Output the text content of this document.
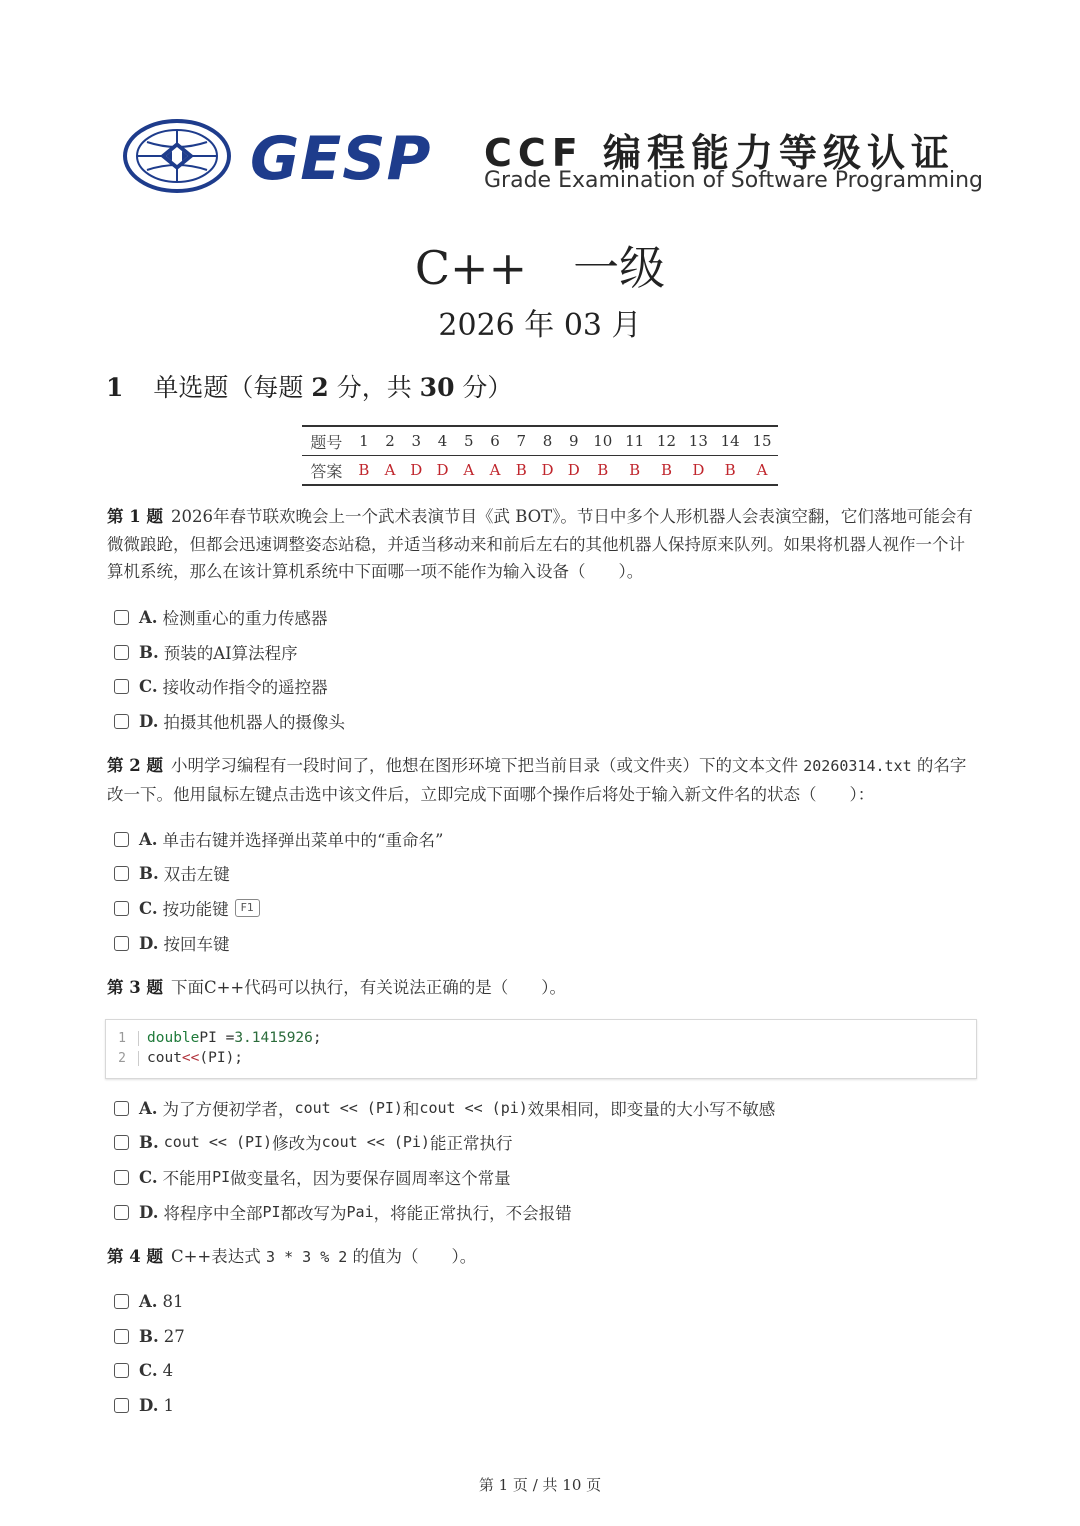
GESP CCF 编程能力等级认证
Grade Examination of Software Programming
C++　一级
2026 年 03 月
1 单选题（每题 2 分，共 30 分）
题号	1	2	3	4	5	6	7	8	9 10 11 12 13 14 15
答案	B	A D D A	A	B D D	B	B	B	D	B	A
第 1 题 2026年春节联欢晚会上一个武术表演节目《武 BOT》。节日中多个人形机器人会表演空翻，它们落地可能会有微微踉跄，但都会迅速调整姿态站稳，并适当移动来和前后左右的其他机器人保持原来队列。如果将机器人视作一个计算机系统，那么在该计算机系统中下面哪一项不能作为输入设备（　　）。
A. 检测重心的重力传感器
B. 预装的AI算法程序
C. 接收动作指令的遥控器
D. 拍摄其他机器人的摄像头
第 2 题 小明学习编程有一段时间了，他想在图形环境下把当前目录（或文件夹）下的文本文件 20260314.txt 的名字改一下。他用鼠标左键点击选中该文件后，立即完成下面哪个操作后将处于输入新文件名的状态（　　）：
A. 单击右键并选择弹出菜单中的“重命名”
B. 双击左键
C. 按功能键	F1
D. 按回车键
第 3 题 下面C++代码可以执行，有关说法正确的是（　　）。
1	double PI = 3.1415926 ;
2	cout << (PI);
A. 为了方便初学者， cout << (PI) 和 cout << (pi) 效果相同，即变量的大小写不敏感
B. cout << (PI) 修改为 cout << (Pi) 能正常执行
C. 不能用 PI 做变量名，因为要保存圆周率这个常量
D. 将程序中全部 PI 都改写为 Pai ，将能正常执行，不会报错
第 4 题 C++表达式 3 * 3 % 2 的值为（　　）。
A. 81
B. 27
C. 4
D. 1
第 1 页 / 共 10 页
